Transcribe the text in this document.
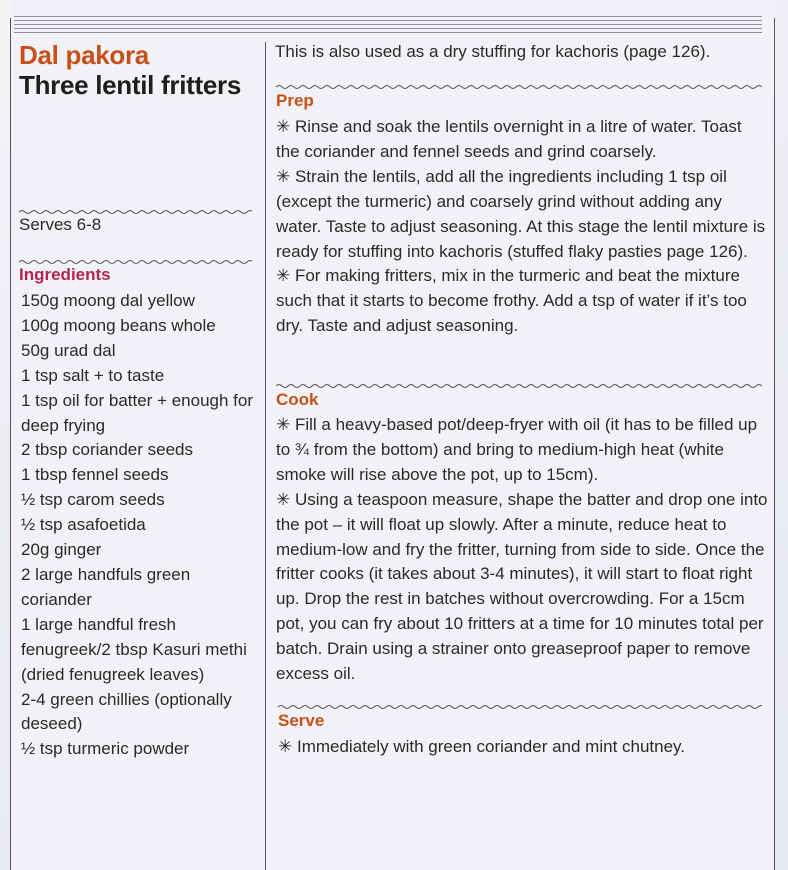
Dal pakora
Three lentil fritters
Serves 6-8
Ingredients
150g moong dal yellow
100g moong beans whole
50g urad dal
1 tsp salt + to taste
1 tsp oil for batter + enough for deep frying
2 tbsp coriander seeds
1 tbsp fennel seeds
½ tsp carom seeds
½ tsp asafoetida
20g ginger
2 large handfuls green coriander
1 large handful fresh fenugreek/2 tbsp Kasuri methi (dried fenugreek leaves)
2-4 green chillies (optionally deseed)
½ tsp turmeric powder

This is also used as a dry stuffing for kachoris (page 126).

Prep

✳ Rinse and soak the lentils overnight in a litre of water. Toast the coriander and fennel seeds and grind coarsely.

✳ Strain the lentils, add all the ingredients including 1 tsp oil (except the turmeric) and coarsely grind without adding any water. Taste to adjust seasoning. At this stage the lentil mixture is ready for stuffing into kachoris (stuffed flaky pasties page 126).

✳ For making fritters, mix in the turmeric and beat the mixture such that it starts to become frothy. Add a tsp of water if it’s too dry. Taste and adjust seasoning.

Cook

✳ Fill a heavy-based pot/deep-fryer with oil (it has to be filled up to ¾ from the bottom) and bring to medium-high heat (white smoke will rise above the pot, up to 15cm).

✳ Using a teaspoon measure, shape the batter and drop one into the pot – it will float up slowly. After a minute, reduce heat to medium-low and fry the fritter, turning from side to side. Once the fritter cooks (it takes about 3-4 minutes), it will start to float right up. Drop the rest in batches without overcrowding. For a 15cm pot, you can fry about 10 fritters at a time for 10 minutes total per batch. Drain using a strainer onto greaseproof paper to remove excess oil.

Serve

✳ Immediately with green coriander and mint chutney.
